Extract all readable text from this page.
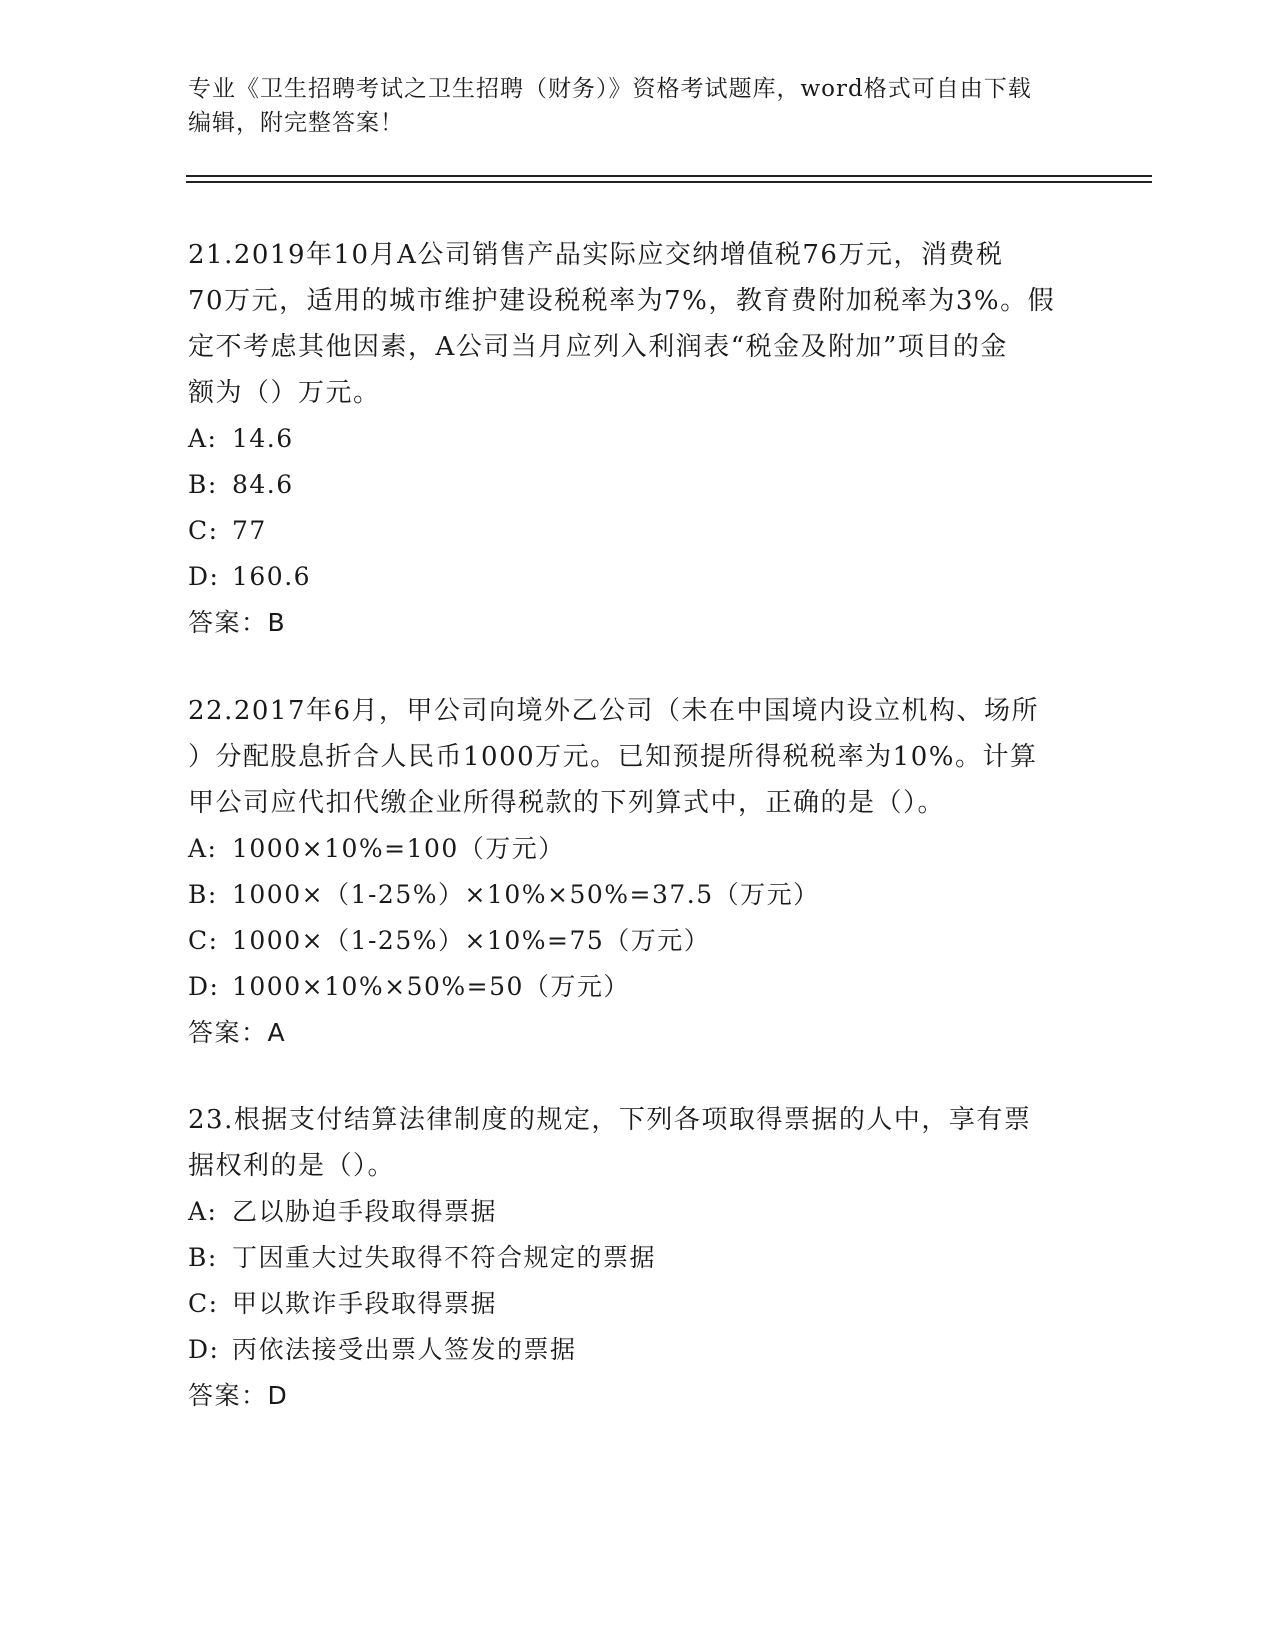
专业《卫生招聘考试之卫生招聘（财务）》资格考试题库，word格式可自由下载
编辑，附完整答案！
21.2019年10月A公司销售产品实际应交纳增值税76万元，消费税
70万元，适用的城市维护建设税税率为7%，教育费附加税率为3%。假
定不考虑其他因素，A公司当月应列入利润表“税金及附加”项目的金
额为（）万元。
A: 14.6
B: 84.6
C: 77
D: 160.6
答案：B
22.2017年6月，甲公司向境外乙公司（未在中国境内设立机构、场所
）分配股息折合人民币1000万元。已知预提所得税税率为10%。计算
甲公司应代扣代缴企业所得税款的下列算式中，正确的是（）。
A: 1000×10%=100（万元）
B: 1000×（1-25%）×10%×50%=37.5（万元）
C: 1000×（1-25%）×10%=75（万元）
D: 1000×10%×50%=50（万元）
答案：A
23.根据支付结算法律制度的规定，下列各项取得票据的人中，享有票
据权利的是（）。
A: 乙以胁迫手段取得票据
B: 丁因重大过失取得不符合规定的票据
C: 甲以欺诈手段取得票据
D: 丙依法接受出票人签发的票据
答案：D
